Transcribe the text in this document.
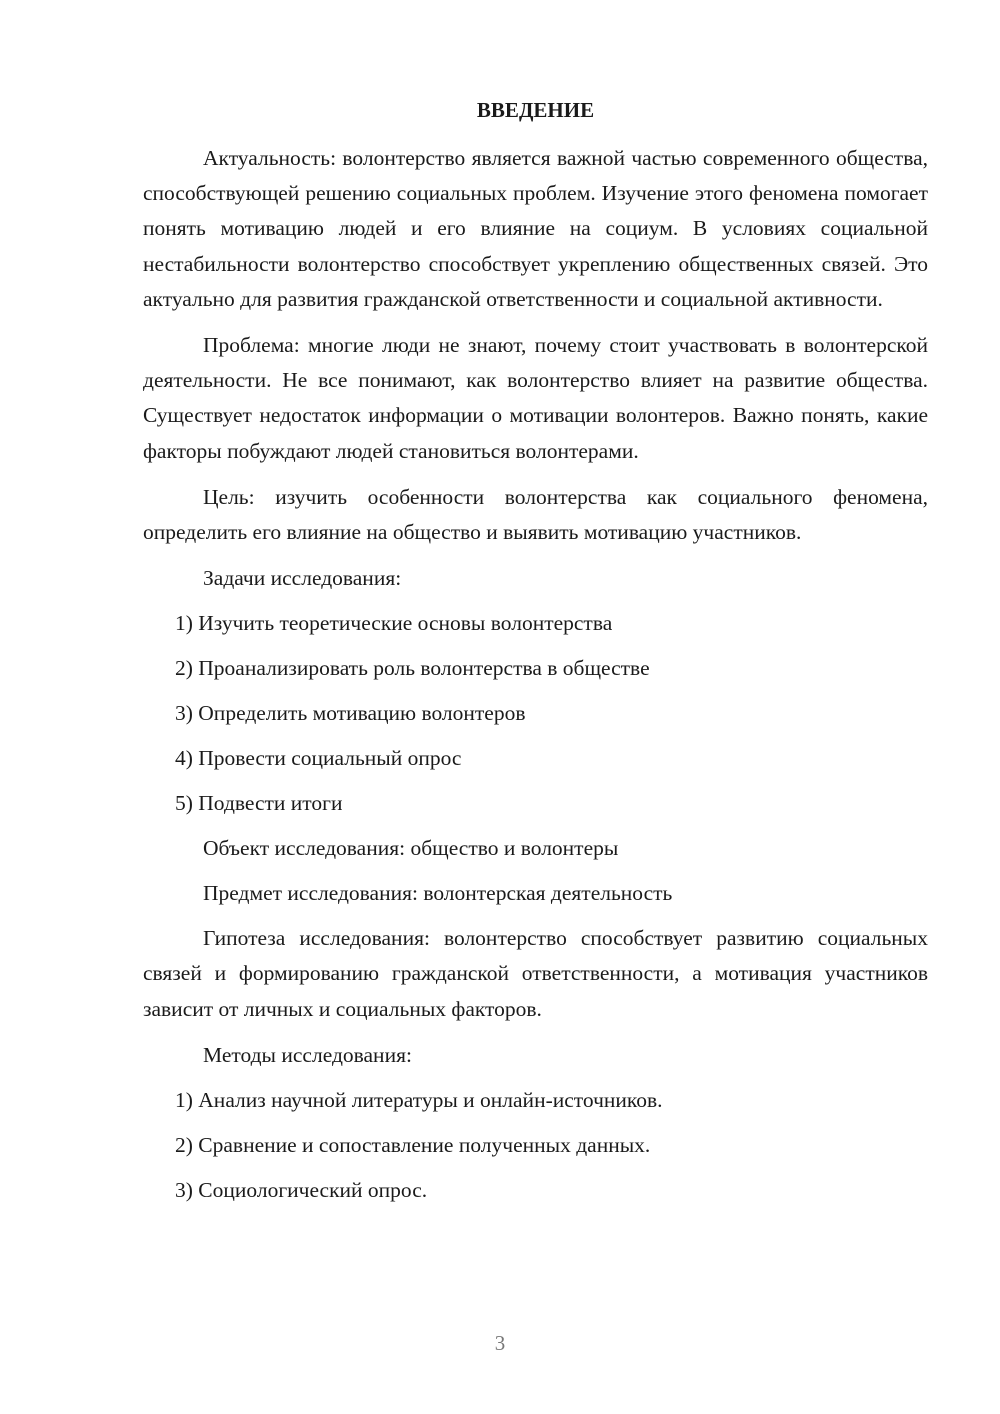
ВВЕДЕНИЕ

Актуальность: волонтерство является важной частью современного общества, способствующей решению социальных проблем. Изучение этого феномена помогает понять мотивацию людей и его влияние на социум. В условиях социальной нестабильности волонтерство способствует укреплению общественных связей. Это актуально для развития гражданской ответственности и социальной активности.

Проблема: многие люди не знают, почему стоит участвовать в волонтерской деятельности. Не все понимают, как волонтерство влияет на развитие общества. Существует недостаток информации о мотивации волонтеров. Важно понять, какие факторы побуждают людей становиться волонтерами.

Цель: изучить особенности волонтерства как социального феномена, определить его влияние на общество и выявить мотивацию участников.

Задачи исследования:
1) Изучить теоретические основы волонтерства
2) Проанализировать роль волонтерства в обществе
3) Определить мотивацию волонтеров
4) Провести социальный опрос
5) Подвести итоги
Объект исследования: общество и волонтеры
Предмет исследования: волонтерская деятельность

Гипотеза исследования: волонтерство способствует развитию социальных связей и формированию гражданской ответственности, а мотивация участников зависит от личных и социальных факторов.

Методы исследования:
1) Анализ научной литературы и онлайн-источников.
2) Сравнение и сопоставление полученных данных.
3) Социологический опрос.
3
